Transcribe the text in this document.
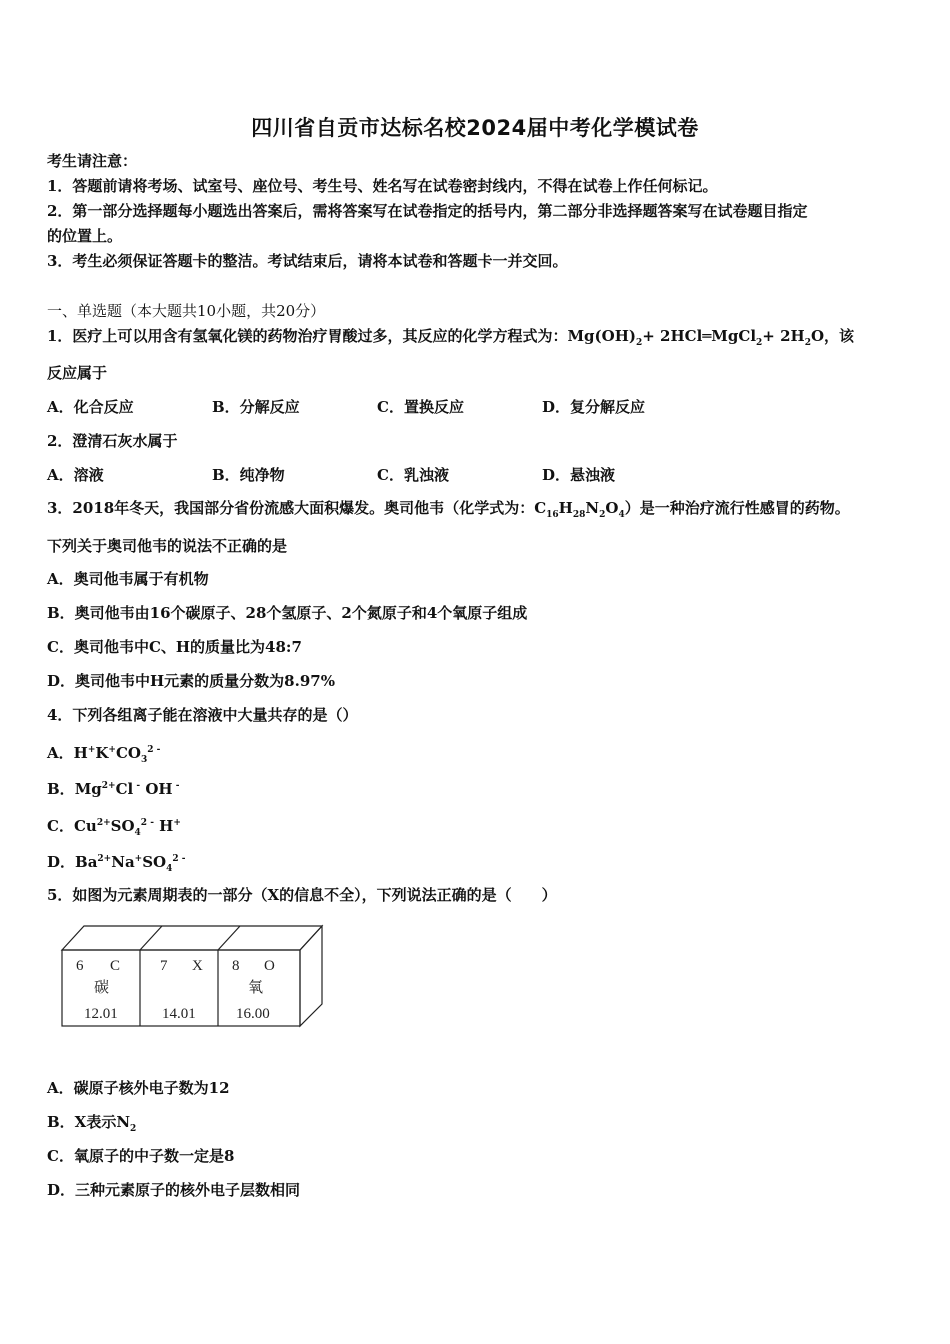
四川省自贡市达标名校2024届中考化学模试卷
考生请注意：
1．答题前请将考场、试室号、座位号、考生号、姓名写在试卷密封线内，不得在试卷上作任何标记。
2．第一部分选择题每小题选出答案后，需将答案写在试卷指定的括号内，第二部分非选择题答案写在试卷题目指定
的位置上。
3．考生必须保证答题卡的整洁。考试结束后，请将本试卷和答题卡一并交回。
一、单选题（本大题共10小题，共20分）
1．医疗上可以用含有氢氧化镁的药物治疗胃酸过多，其反应的化学方程式为：$Mg(OH)_2+$ 2HCl═MgCl$_2$+ $2H_2O$，该
反应属于
A．化合反应	B．分解反应	C．置换反应	D．复分解反应
2．澄清石灰水属于
A．溶液	B．纯净物	C．乳浊液	D．悬浊液
3．2018年冬天，我国部分省份流感大面积爆发。奥司他韦（化学式为：$C_{16}H_{28}N_2O_4$）是一种治疗流行性感冒的药物。
下列关于奥司他韦的说法不正确的是
A．奥司他韦属于有机物
B．奥司他韦由16个碳原子、28个氢原子、2个氮原子和4个氧原子组成
C．奥司他韦中C、H的质量比为48:7
D．奥司他韦中H元素的质量分数为8.97%
4．下列各组离子能在溶液中大量共存的是（）
A．$H^+K^+CO_3^{2 -}$
B．$Mg^{2+}Cl$ - OH -
C．$Cu^{2+}SO_4^{2 -}$ H+
D．$Ba^{2+}Na^+SO_4^{2 -}$
5．如图为元素周期表的一部分（X的信息不全），下列说法正确的是（　　）
6 C
碳
12.01
7 X
14.01
8 O
氧
16.00
A．碳原子核外电子数为12
B．X表示$N_2$
C．氧原子的中子数一定是8
D．三种元素原子的核外电子层数相同
